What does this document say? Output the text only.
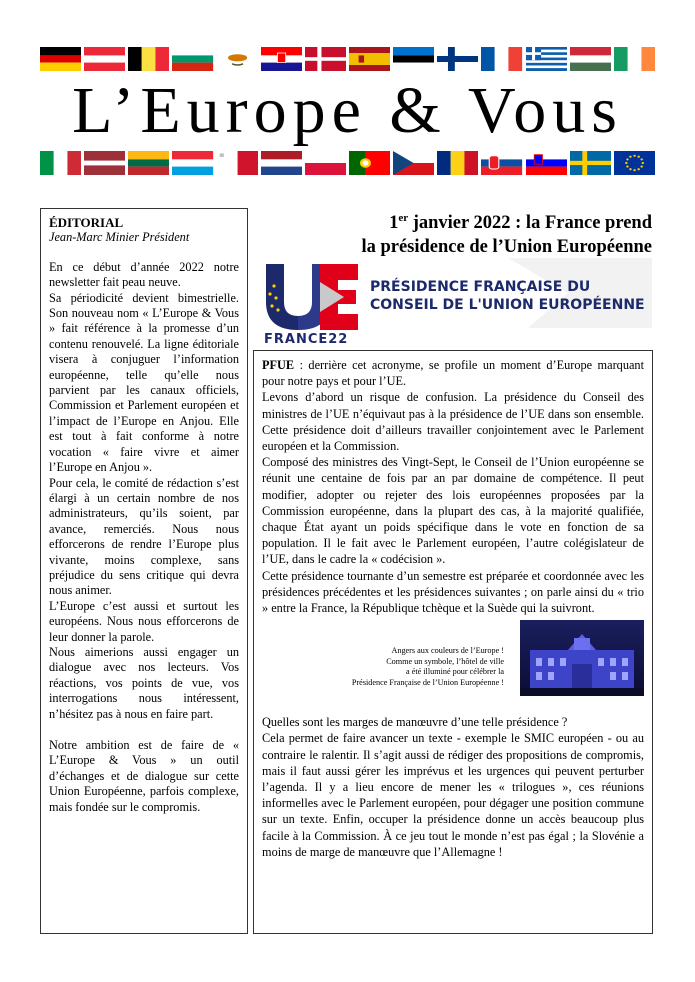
L’Europe & Vous
ÉDITORIAL
Jean-Marc Minier Président

En ce début d’année 2022 notre newsletter fait peau neuve.

Sa périodicité devient bimestrielle. Son nouveau nom « L’Europe & Vous » fait référence à la promesse d’un contenu renouvelé. La ligne éditoriale visera à conjuguer l’information européenne, telle qu’elle nous parvient par les canaux officiels, Commission et Parlement européen et l’impact de l’Europe en Anjou. Elle est tout à fait conforme à notre vocation « faire vivre et aimer l’Europe en Anjou ».

Pour cela, le comité de rédaction s’est élargi à un certain nombre de nos administrateurs, qu’ils soient, par avance, remerciés. Nous nous efforcerons de rendre l’Europe plus vivante, moins complexe, sans préjudice du sens critique qui devra nous animer.

L’Europe c’est aussi et surtout les européens. Nous nous efforcerons de leur donner la parole.

Nous aimerions aussi engager un dialogue avec nos lecteurs. Vos réactions, vos points de vue, vos interrogations nous intéressent, n’hésitez pas à nous en faire part.

Notre ambition est de faire de « L’Europe & Vous » un outil d’échanges et de dialogue sur cette Union Européenne, parfois complexe, mais fondée sur le compromis.

1er janvier 2022 : la France prend
la présidence de l’Union Européenne
PRÉSIDENCE FRANÇAISE DU
CONSEIL DE L'UNION EUROPÉENNE
FRANCE22

PFUE : derrière cet acronyme, se profile un moment d’Europe marquant pour notre pays et pour l’UE.

Levons d’abord un risque de confusion. La présidence du Conseil des ministres de l’UE n’équivaut pas à la présidence de l’UE dans son ensemble. Cette présidence doit d’ailleurs travailler conjointement avec le Parlement européen et la Commission.

Composé des ministres des Vingt-Sept, le Conseil de l’Union européenne se réunit une centaine de fois par an par domaine de compétence. Il peut modifier, adopter ou rejeter des lois européennes proposées par la Commission européenne, dans la plupart des cas, à la majorité qualifiée, chaque État ayant un poids spécifique dans le vote en fonction de sa population. Il le fait avec le Parlement européen, l’autre colégislateur de l’UE, dans le cadre la « codécision ».

Cette présidence tournante d’un semestre est préparée et coordonnée avec les présidences précédentes et les présidences suivantes ; on parle ainsi du « trio » entre la France, la République tchèque et la Suède qui la suivront.

Angers aux couleurs de l’Europe !
Comme un symbole, l’hôtel de ville
a été illuminé pour célébrer la
Présidence Française de l’Union Européenne !

Quelles sont les marges de manœuvre d’une telle présidence ?

Cela permet de faire avancer un texte - exemple le SMIC européen - ou au contraire le ralentir. Il s’agit aussi de rédiger des propositions de compromis, mais il faut aussi gérer les imprévus et les urgences qui peuvent perturber l’agenda. Il y a lieu encore de mener les « trilogues », ces réunions informelles avec le Parlement européen, pour dégager une position commune sur un texte. Enfin, occuper la présidence donne un accès beaucoup plus facile à la Commission. À ce jeu tout le monde n’est pas égal ; la Slovénie a moins de marge de manœuvre que l’Allemagne !
